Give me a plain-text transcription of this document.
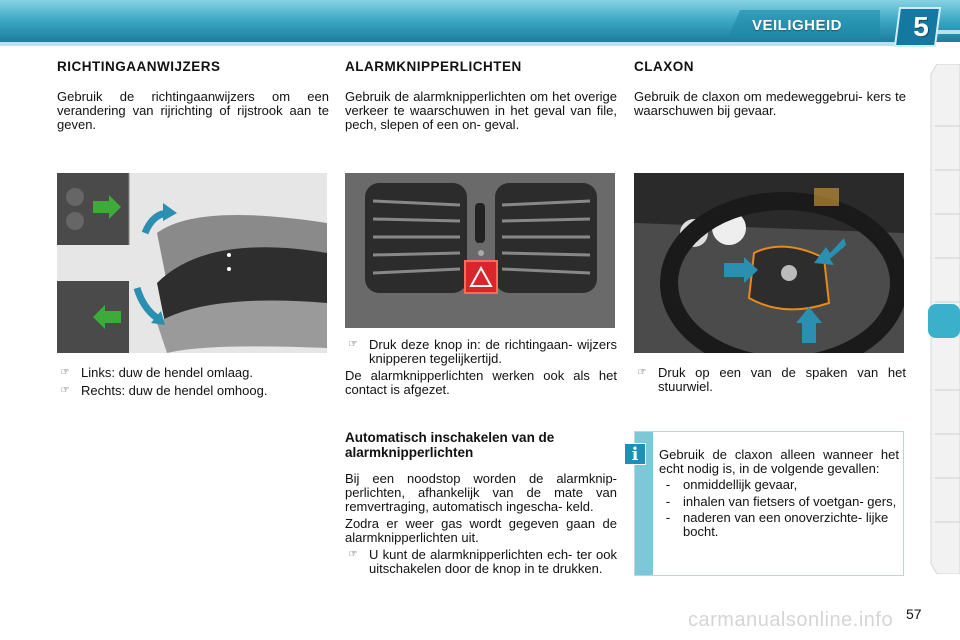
VEILIGHEID	5
RICHTINGAANWIJZERS

Gebruik de richtingaanwijzers om een verandering van rijrichting of rijstrook aan te geven.

☞ Links: duw de hendel omlaag.
☞ Rechts: duw de hendel omhoog.
ALARMKNIPPERLICHTEN

Gebruik de alarmknipperlichten om het overige verkeer te waarschuwen in het geval van file, pech, slepen of een on- geval.

☞ Druk deze knop in: de richtingaan- wijzers knipperen tegelijkertijd.

De alarmknipperlichten werken ook als het contact is afgezet.

Automatisch inschakelen van de alarmknipperlichten

Bij een noodstop worden de alarmknip- perlichten, afhankelijk van de mate van remvertraging, automatisch ingescha- keld.

Zodra er weer gas wordt gegeven gaan de alarmknipperlichten uit.

☞ U kunt de alarmknipperlichten ech- ter ook uitschakelen door de knop in te drukken.

CLAXON

Gebruik de claxon om medeweggebrui- kers te waarschuwen bij gevaar.

☞ Druk op een van de spaken van het stuurwiel.

Gebruik de claxon alleen wanneer het echt nodig is, in de volgende gevallen:

- onmiddellijk gevaar,
- inhalen van fietsers of voetgan- gers,
- naderen van een onoverzichte- lijke bocht.
i
carmanualsonline.info 57
